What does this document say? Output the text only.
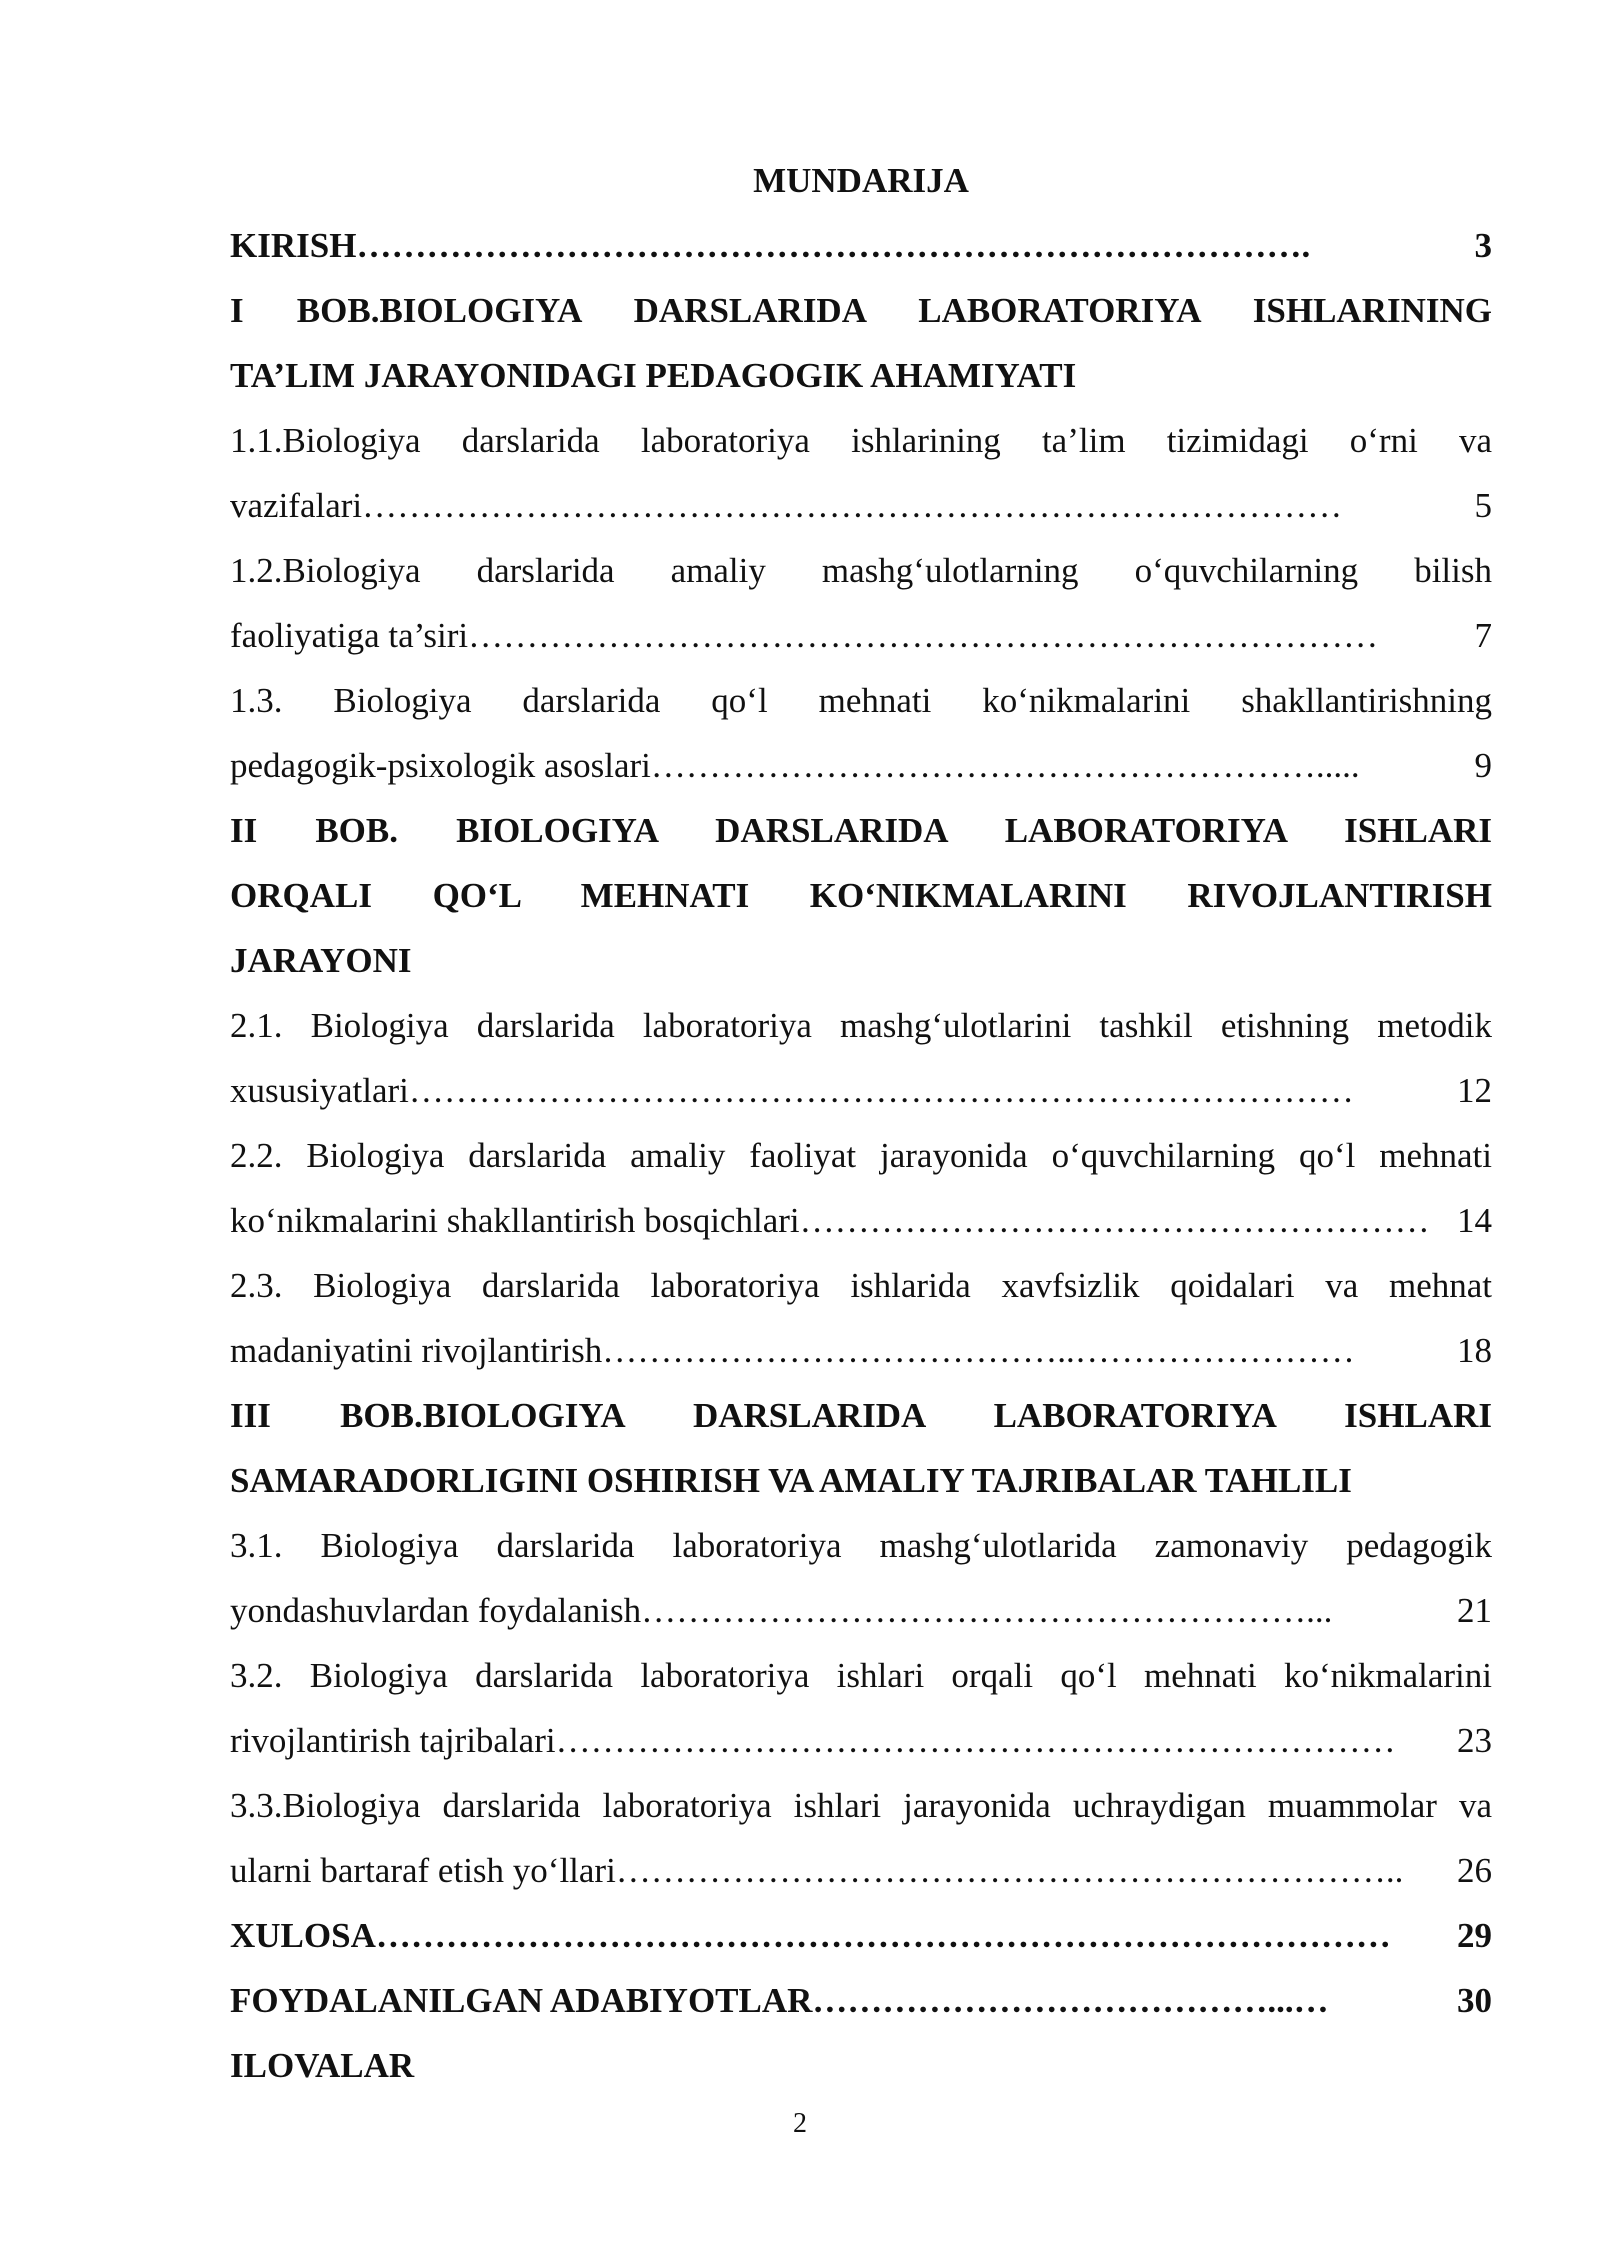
MUNDARIJA
KIRISH ……………………………………………………………………….	3
I BOB.BIOLOGIYA DARSLARIDA LABORATORIYA ISHLARINING
TA’LIM JARAYONIDAGI PEDAGOGIK AHAMIYATI
1.1.Biologiya darslarida laboratoriya ishlarining ta’lim tizimidagi o‘rni va
vazifalari …………………………………………………………………………	5
1.2.Biologiya darslarida amaliy mashg‘ulotlarning o‘quvchilarning bilish
faoliyatiga ta’siri ……………………………………………………………………	7
1.3. Biologiya darslarida qo‘l mehnati ko‘nikmalarini shakllantirishning
pedagogik-psixologik asoslari ………………………………………………….....	9
II BOB. BIOLOGIYA DARSLARIDA LABORATORIYA ISHLARI
ORQALI QO‘L MEHNATI KO‘NIKMALARINI RIVOJLANTIRISH
JARAYONI
2.1. Biologiya darslarida laboratoriya mashg‘ulotlarini tashkil etishning metodik
xususiyatlari ………………………………………………………………………	12
2.2. Biologiya darslarida amaliy faoliyat jarayonida o‘quvchilarning qo‘l mehnati
ko‘nikmalarini shakllantirish bosqichlari ……………………………………………… 14
2.3. Biologiya darslarida laboratoriya ishlarida xavfsizlik qoidalari va mehnat
madaniyatini rivojlantirish …………………………………..……………………	18
III BOB.BIOLOGIYA DARSLARIDA LABORATORIYA ISHLARI
SAMARADORLIGINI OSHIRISH VA AMALIY TAJRIBALAR TAHLILI
3.1. Biologiya darslarida laboratoriya mashg‘ulotlarida zamonaviy pedagogik
yondashuvlardan foydalanish …………………………………………………...	21
3.2. Biologiya darslarida laboratoriya ishlari orqali qo‘l mehnati ko‘nikmalarini
rivojlantirish tajribalari ………………………………………………………………	23
3.3.Biologiya darslarida laboratoriya ishlari jarayonida uchraydigan muammolar va
ularni bartaraf etish yo‘llari …………………………………………………………..	26
XULOSA ……………………………………………………………………………	29
FOYDALANILGAN ADABIYOTLAR …………………………………...…	30
ILOVALAR
2
